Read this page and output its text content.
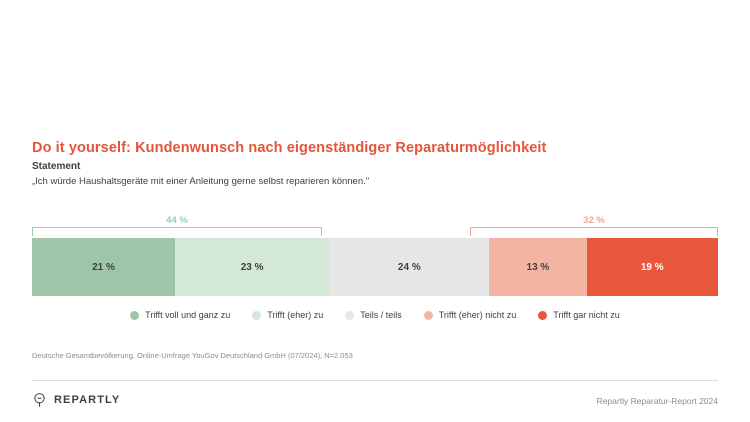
Do it yourself: Kundenwunsch nach eigenständiger Reparaturmöglichkeit
Statement
„Ich würde Haushaltsgeräte mit einer Anleitung gerne selbst reparieren können."
44 %	32 %
21 %	23 %	24 %	13 %	19 %
Trifft voll und ganz zu	Trifft (eher) zu	Teils / teils	Trifft (eher) nicht zu	Trifft gar nicht zu
Deutsche Gesamtbevölkerung, Online-Umfrage YouGov Deutschland GmbH (07/2024), N=2.053
REPARTLY	Repartly Reparatur-Report 2024
